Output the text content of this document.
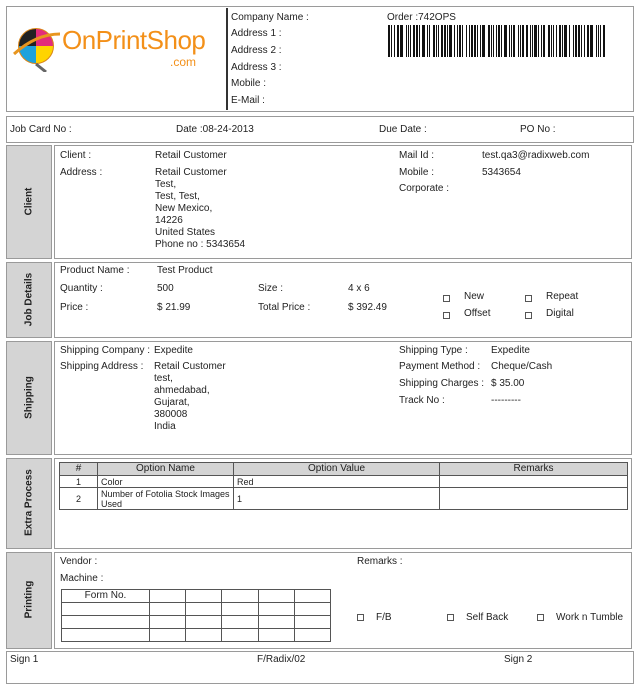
OnPrintShop
.com
Company Name :
Address 1 :
Address 2 :
Address 3 :
Mobile :
E-Mail :
Order :742OPS
Job Card No :	Date :08-24-2013	Due Date :	PO No :
Client
Client :	Retail Customer
Address :	Retail Customer
Test,
Test, Test,
New Mexico,
14226
United States
Phone no : 5343654
Mail Id :	test.qa3@radixweb.com
Mobile :	5343654
Corporate :
Job Details
Product Name :	Test Product
Quantity :	500
Price :	$ 21.99
Size :	4 x 6
Total Price :	$ 392.49
New
Offset
Repeat
Digital
Shipping
Shipping Company : Expedite
Shipping Address : Retail Customer
test,
ahmedabad,
Gujarat,
380008
India
Shipping Type : Expedite
Payment Method : Cheque/Cash
Shipping Charges : $ 35.00
Track No :	---------
Extra Process
#	Option Name	Option Value	Remarks
1	Color	Red	
2	Number of Fotolia Stock Images Used	1	
Printing
Vendor :
Machine :
Remarks :
Form No.					

F/B	Self Back	Work n Tumble
Sign 1	F/Radix/02	Sign 2
